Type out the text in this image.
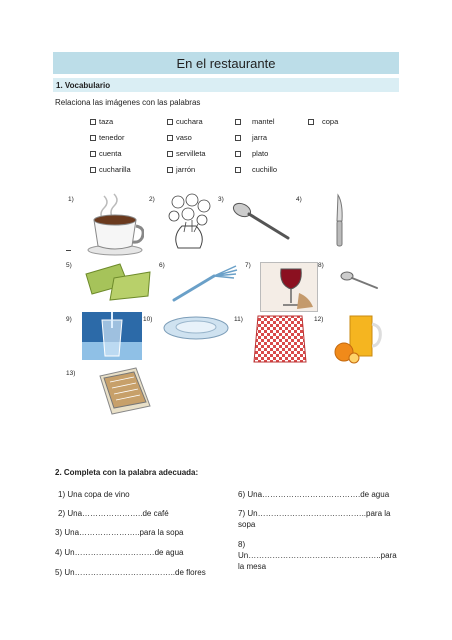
En el restaurante
1. Vocabulario
Relaciona las imágenes con las palabras
taza	cuchara	mantel	copa
tenedor	vaso	jarra
cuenta	servilleta	plato
cucharilla	jarrón	cuchillo
1)	2)	3)	4)
5)	6)	7)	8)
9)	10)	11)	12)
13)
2. Completa con la palabra adecuada:
1) Una copa de vino
2) Una…………………..de café
3) Una…………………..para la sopa
4) Un…………………………de agua
5) Un………………………………..de flores
6) Una……………………………….de agua
7) Un…………………………………..para la sopa
8) Un…………………………………………..para la mesa
